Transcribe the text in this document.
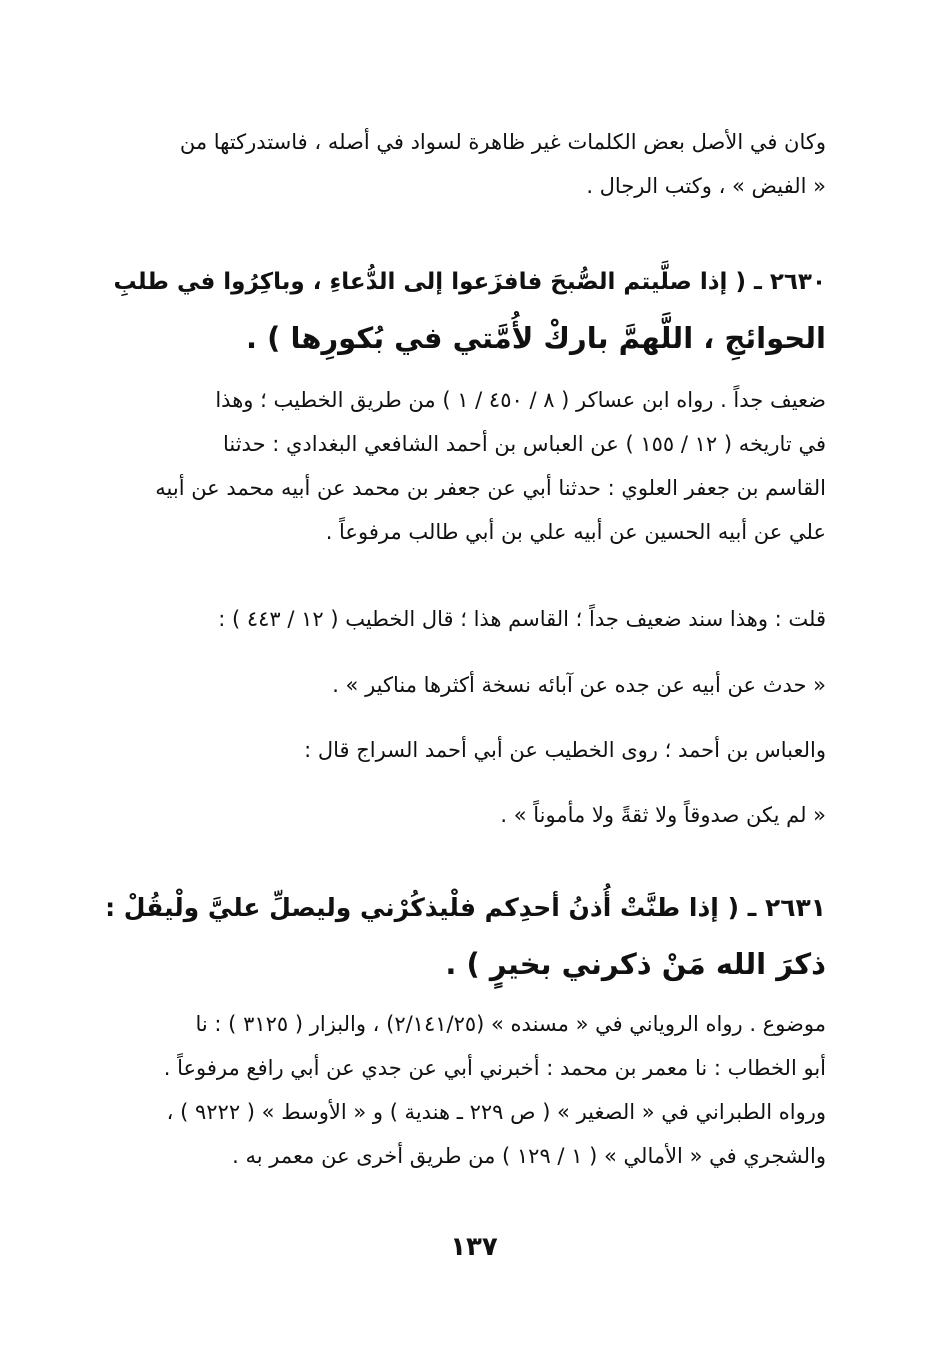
وكان في الأصل بعض الكلمات غير ظاهرة لسواد في أصله ، فاستدركتها من
« الفيض » ، وكتب الرجال .
٢٦٣٠ ـ ( إذا صلَّيتم الصُّبحَ فافزَعوا إلى الدُّعاءِ ، وباكِرُوا في طلبِ
الحوائجِ ، اللَّهمَّ باركْ لأُمَّتي في بُكورِها ) .
ضعيف جداً . رواه ابن عساكر ( ٨ / ٤٥٠ / ١ ) من طريق الخطيب ؛ وهذا
في تاريخه ( ١٢ / ١٥٥ ) عن العباس بن أحمد الشافعي البغدادي : حدثنا
القاسم بن جعفر العلوي : حدثنا أبي عن جعفر بن محمد عن أبيه محمد عن أبيه
علي عن أبيه الحسين عن أبيه علي بن أبي طالب مرفوعاً .
قلت : وهذا سند ضعيف جداً ؛ القاسم هذا ؛ قال الخطيب ( ١٢ / ٤٤٣ ) :
« حدث عن أبيه عن جده عن آبائه نسخة أكثرها مناكير » .
والعباس بن أحمد ؛ روى الخطيب عن أبي أحمد السراج قال :
« لم يكن صدوقاً ولا ثقةً ولا مأموناً » .
٢٦٣١ ـ ( إذا طنَّتْ أُذنُ أحدِكم فلْيذكُرْني وليصلِّ عليَّ ولْيقُلْ :
ذكرَ الله مَنْ ذكرني بخيرٍ ) .
موضوع . رواه الروياني في « مسنده » (٢/١٤١/٢٥) ، والبزار ( ٣١٢٥ ) : نا
أبو الخطاب : نا معمر بن محمد : أخبرني أبي عن جدي عن أبي رافع مرفوعاً .
ورواه الطبراني في « الصغير » ( ص ٢٢٩ ـ هندية ) و « الأوسط » ( ٩٢٢٢ ) ،
والشجري في « الأمالي » ( ١ / ١٢٩ ) من طريق أخرى عن معمر به .
١٣٧
